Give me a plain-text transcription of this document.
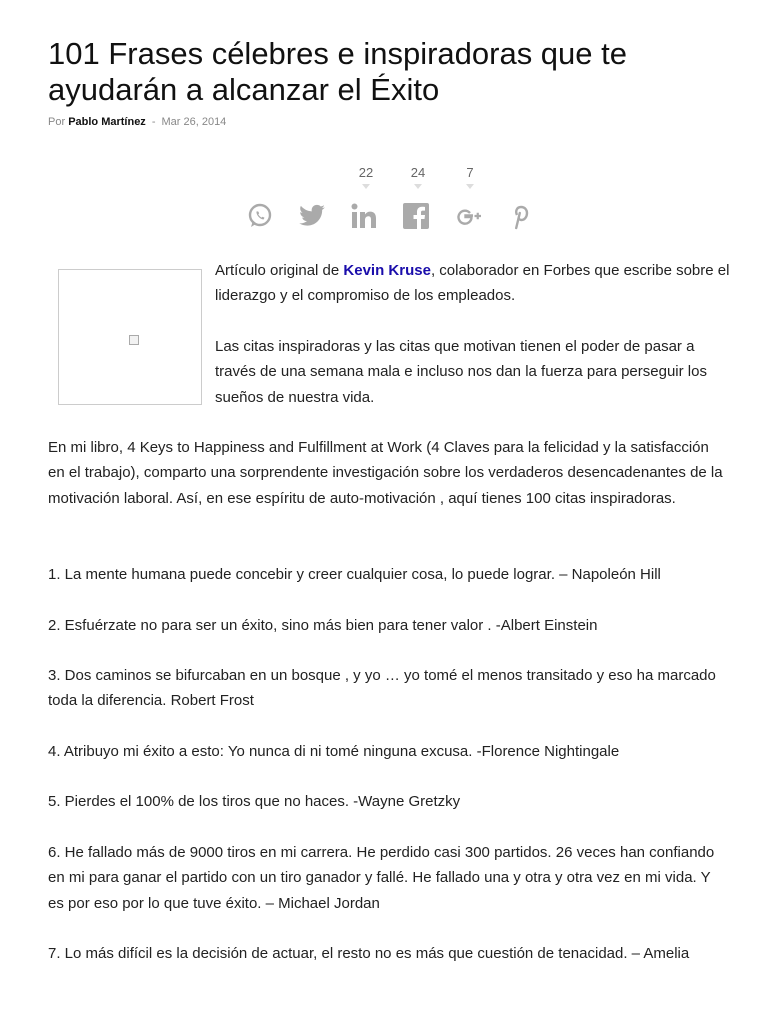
101 Frases célebres e inspiradoras que te ayudarán a alcanzar el Éxito
Por Pablo Martínez - Mar 26, 2014
22	24	7

Artículo original de Kevin Kruse, colaborador en Forbes que escribe sobre el liderazgo y el compromiso de los empleados.

Las citas inspiradoras y las citas que motivan tienen el poder de pasar a través de una semana mala e incluso nos dan la fuerza para perseguir los sueños de nuestra vida.

En mi libro, 4 Keys to Happiness and Fulfillment at Work (4 Claves para la felicidad y la satisfacción en el trabajo), comparto una sorprendente investigación sobre los verdaderos desencadenantes de la motivación laboral. Así, en ese espíritu de auto-motivación , aquí tienes 100 citas inspiradoras.

1. La mente humana puede concebir y creer cualquier cosa, lo puede lograr. – Napoleón Hill

2. Esfuérzate no para ser un éxito, sino más bien para tener valor . -Albert Einstein

3. Dos caminos se bifurcaban en un bosque , y yo … yo tomé el menos transitado y eso ha marcado toda la diferencia. Robert Frost

4. Atribuyo mi éxito a esto: Yo nunca di ni tomé ninguna excusa. -Florence Nightingale

5. Pierdes el 100% de los tiros que no haces. -Wayne Gretzky

6. He fallado más de 9000 tiros en mi carrera. He perdido casi 300 partidos. 26 veces han confiando en mi para ganar el partido con un tiro ganador y fallé. He fallado una y otra y otra vez en mi vida. Y es por eso por lo que tuve éxito. – Michael Jordan

7. Lo más difícil es la decisión de actuar, el resto no es más que cuestión de tenacidad. – Amelia
